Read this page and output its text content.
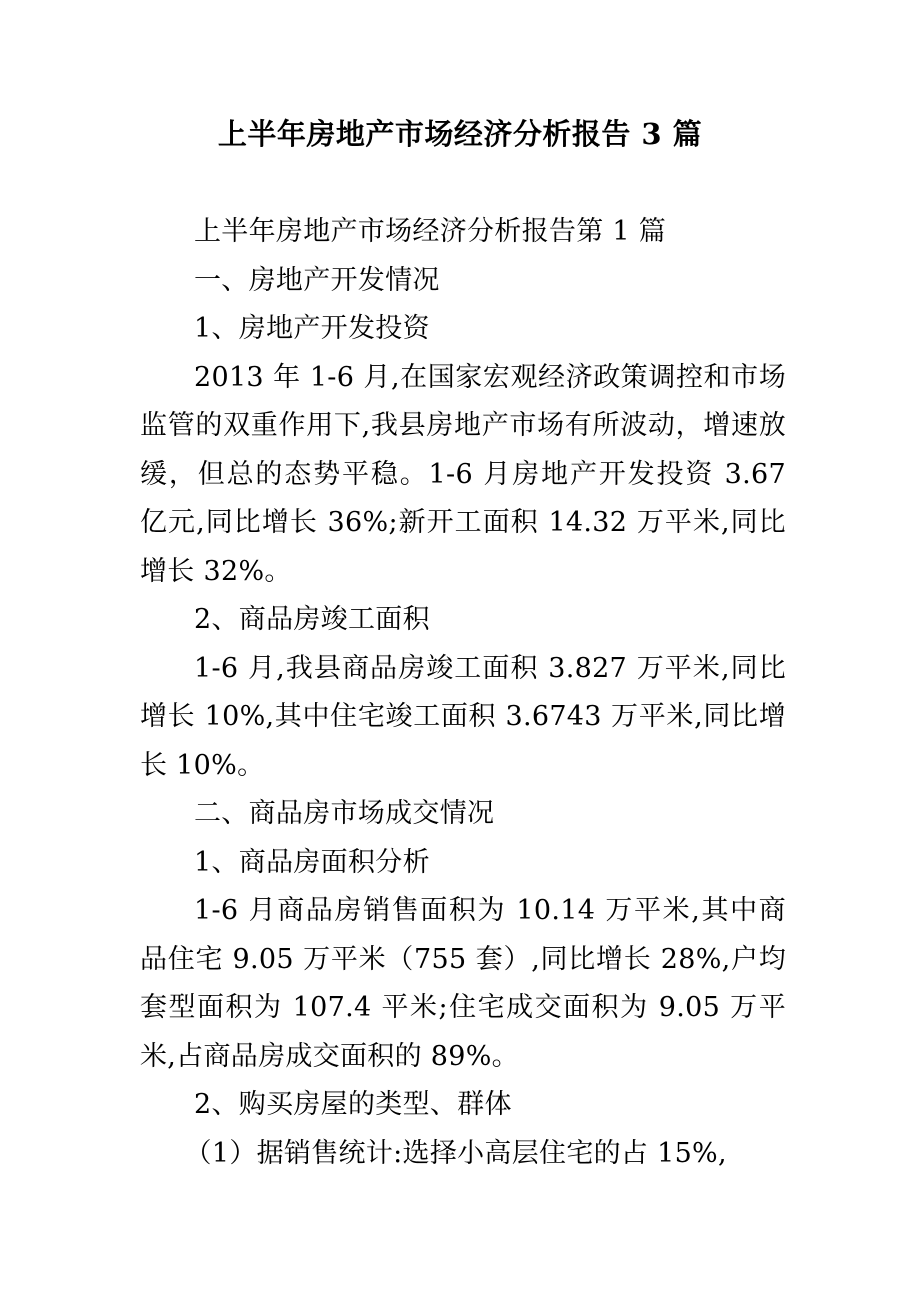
上半年房地产市场经济分析报告 3 篇

上半年房地产市场经济分析报告第 1 篇

一、房地产开发情况

1、房地产开发投资

2013 年 1-6 月,在国家宏观经济政策调控和市场监管的双重作用下,我县房地产市场有所波动，增速放缓，但总的态势平稳。1-6 月房地产开发投资 3.67 亿元,同比增长 36%;新开工面积 14.32 万平米,同比增长 32%。

2、商品房竣工面积

1-6 月,我县商品房竣工面积 3.827 万平米,同比增长 10%,其中住宅竣工面积 3.6743 万平米,同比增长 10%。

二、商品房市场成交情况

1、商品房面积分析

1-6 月商品房销售面积为 10.14 万平米,其中商品住宅 9.05 万平米（755 套）,同比增长 28%,户均套型面积为 107.4 平米;住宅成交面积为 9.05 万平米,占商品房成交面积的 89%。

2、购买房屋的类型、群体

（1）据销售统计:选择小高层住宅的占 15%,
